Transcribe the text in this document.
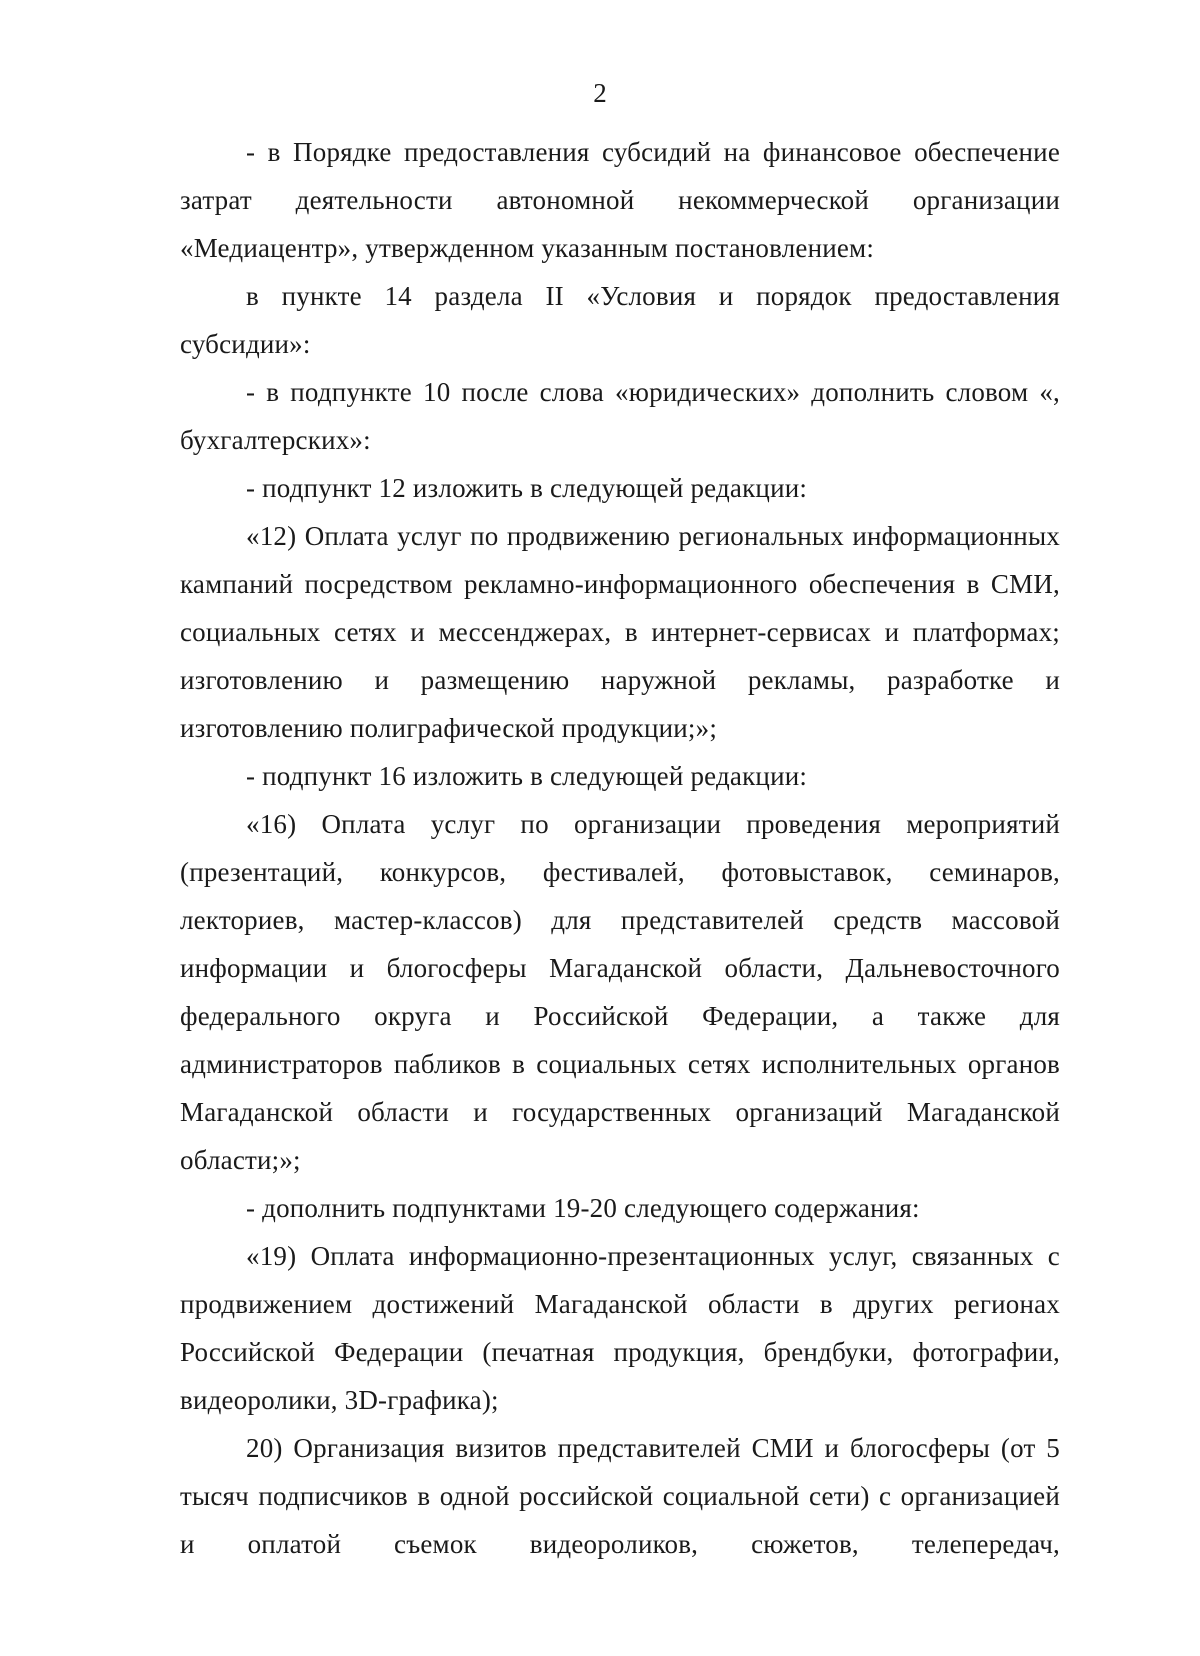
2

- в Порядке предоставления субсидий на финансовое обеспечение затрат деятельности автономной некоммерческой организации «Медиацентр», утвержденном указанным постановлением:

в пункте 14 раздела II «Условия и порядок предоставления субсидии»:

- в подпункте 10 после слова «юридических» дополнить словом «, бухгалтерских»:

- подпункт 12 изложить в следующей редакции:

«12) Оплата услуг по продвижению региональных информационных кампаний посредством рекламно-информационного обеспечения в СМИ, социальных сетях и мессенджерах, в интернет-сервисах и платформах; изготовлению и размещению наружной рекламы, разработке и изготовлению полиграфической продукции;»;

- подпункт 16 изложить в следующей редакции:

«16) Оплата услуг по организации проведения мероприятий (презентаций, конкурсов, фестивалей, фотовыставок, семинаров, лекториев, мастер-классов) для представителей средств массовой информации и блогосферы Магаданской области, Дальневосточного федерального округа и Российской Федерации, а также для администраторов пабликов в социальных сетях исполнительных органов Магаданской области и государственных организаций Магаданской области;»;

- дополнить подпунктами 19-20 следующего содержания:

«19) Оплата информационно-презентационных услуг, связанных с продвижением достижений Магаданской области в других регионах Российской Федерации (печатная продукция, брендбуки, фотографии, видеоролики, 3D-графика);

20) Организация визитов представителей СМИ и блогосферы (от 5 тысяч подписчиков в одной российской социальной сети) с организацией и оплатой съемок видеороликов, сюжетов, телепередач,
